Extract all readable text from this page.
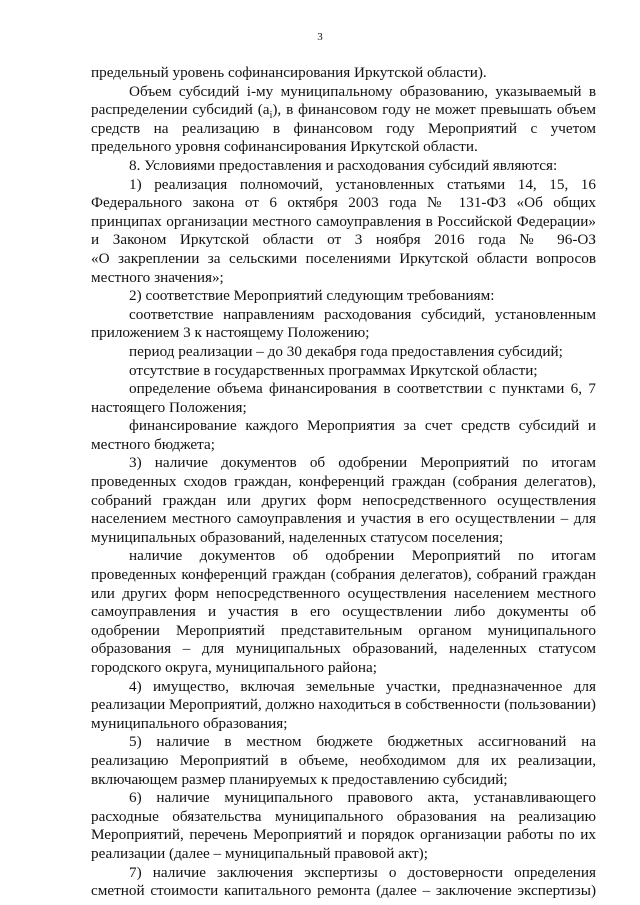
3
предельный уровень софинансирования Иркутской области).
Объем субсидий i-му муниципальному образованию, указываемый в
распределении субсидий $(a_i)$, в финансовом году не может превышать объем
средств на реализацию в финансовом году Мероприятий с учетом
предельного уровня софинансирования Иркутской области.
8. Условиями предоставления и расходования субсидий являются:
1) реализация полномочий, установленных статьями 14, 15, 16
Федерального закона от 6 октября 2003 года № 131-ФЗ «Об общих
принципах организации местного самоуправления в Российской Федерации»
и Законом Иркутской области от 3 ноября 2016 года № 96-ОЗ
«О закреплении за сельскими поселениями Иркутской области вопросов
местного значения»;
2) соответствие Мероприятий следующим требованиям:
соответствие направлениям расходования субсидий, установленным
приложением 3 к настоящему Положению;
период реализации – до 30 декабря года предоставления субсидий;
отсутствие в государственных программах Иркутской области;
определение объема финансирования в соответствии с пунктами 6, 7
настоящего Положения;
финансирование каждого Мероприятия за счет средств субсидий и
местного бюджета;
3) наличие документов об одобрении Мероприятий по итогам
проведенных сходов граждан, конференций граждан (собрания делегатов),
собраний граждан или других форм непосредственного осуществления
населением местного самоуправления и участия в его осуществлении – для
муниципальных образований, наделенных статусом поселения;
наличие документов об одобрении Мероприятий по итогам
проведенных конференций граждан (собрания делегатов), собраний граждан
или других форм непосредственного осуществления населением местного
самоуправления и участия в его осуществлении либо документы об
одобрении Мероприятий представительным органом муниципального
образования – для муниципальных образований, наделенных статусом
городского округа, муниципального района;
4) имущество, включая земельные участки, предназначенное для
реализации Мероприятий, должно находиться в собственности (пользовании)
муниципального образования;
5) наличие в местном бюджете бюджетных ассигнований на
реализацию Мероприятий в объеме, необходимом для их реализации,
включающем размер планируемых к предоставлению субсидий;
6) наличие муниципального правового акта, устанавливающего
расходные обязательства муниципального образования на реализацию
Мероприятий, перечень Мероприятий и порядок организации работы по их
реализации (далее – муниципальный правовой акт);
7) наличие заключения экспертизы о достоверности определения
сметной стоимости капитального ремонта (далее – заключение экспертизы)
